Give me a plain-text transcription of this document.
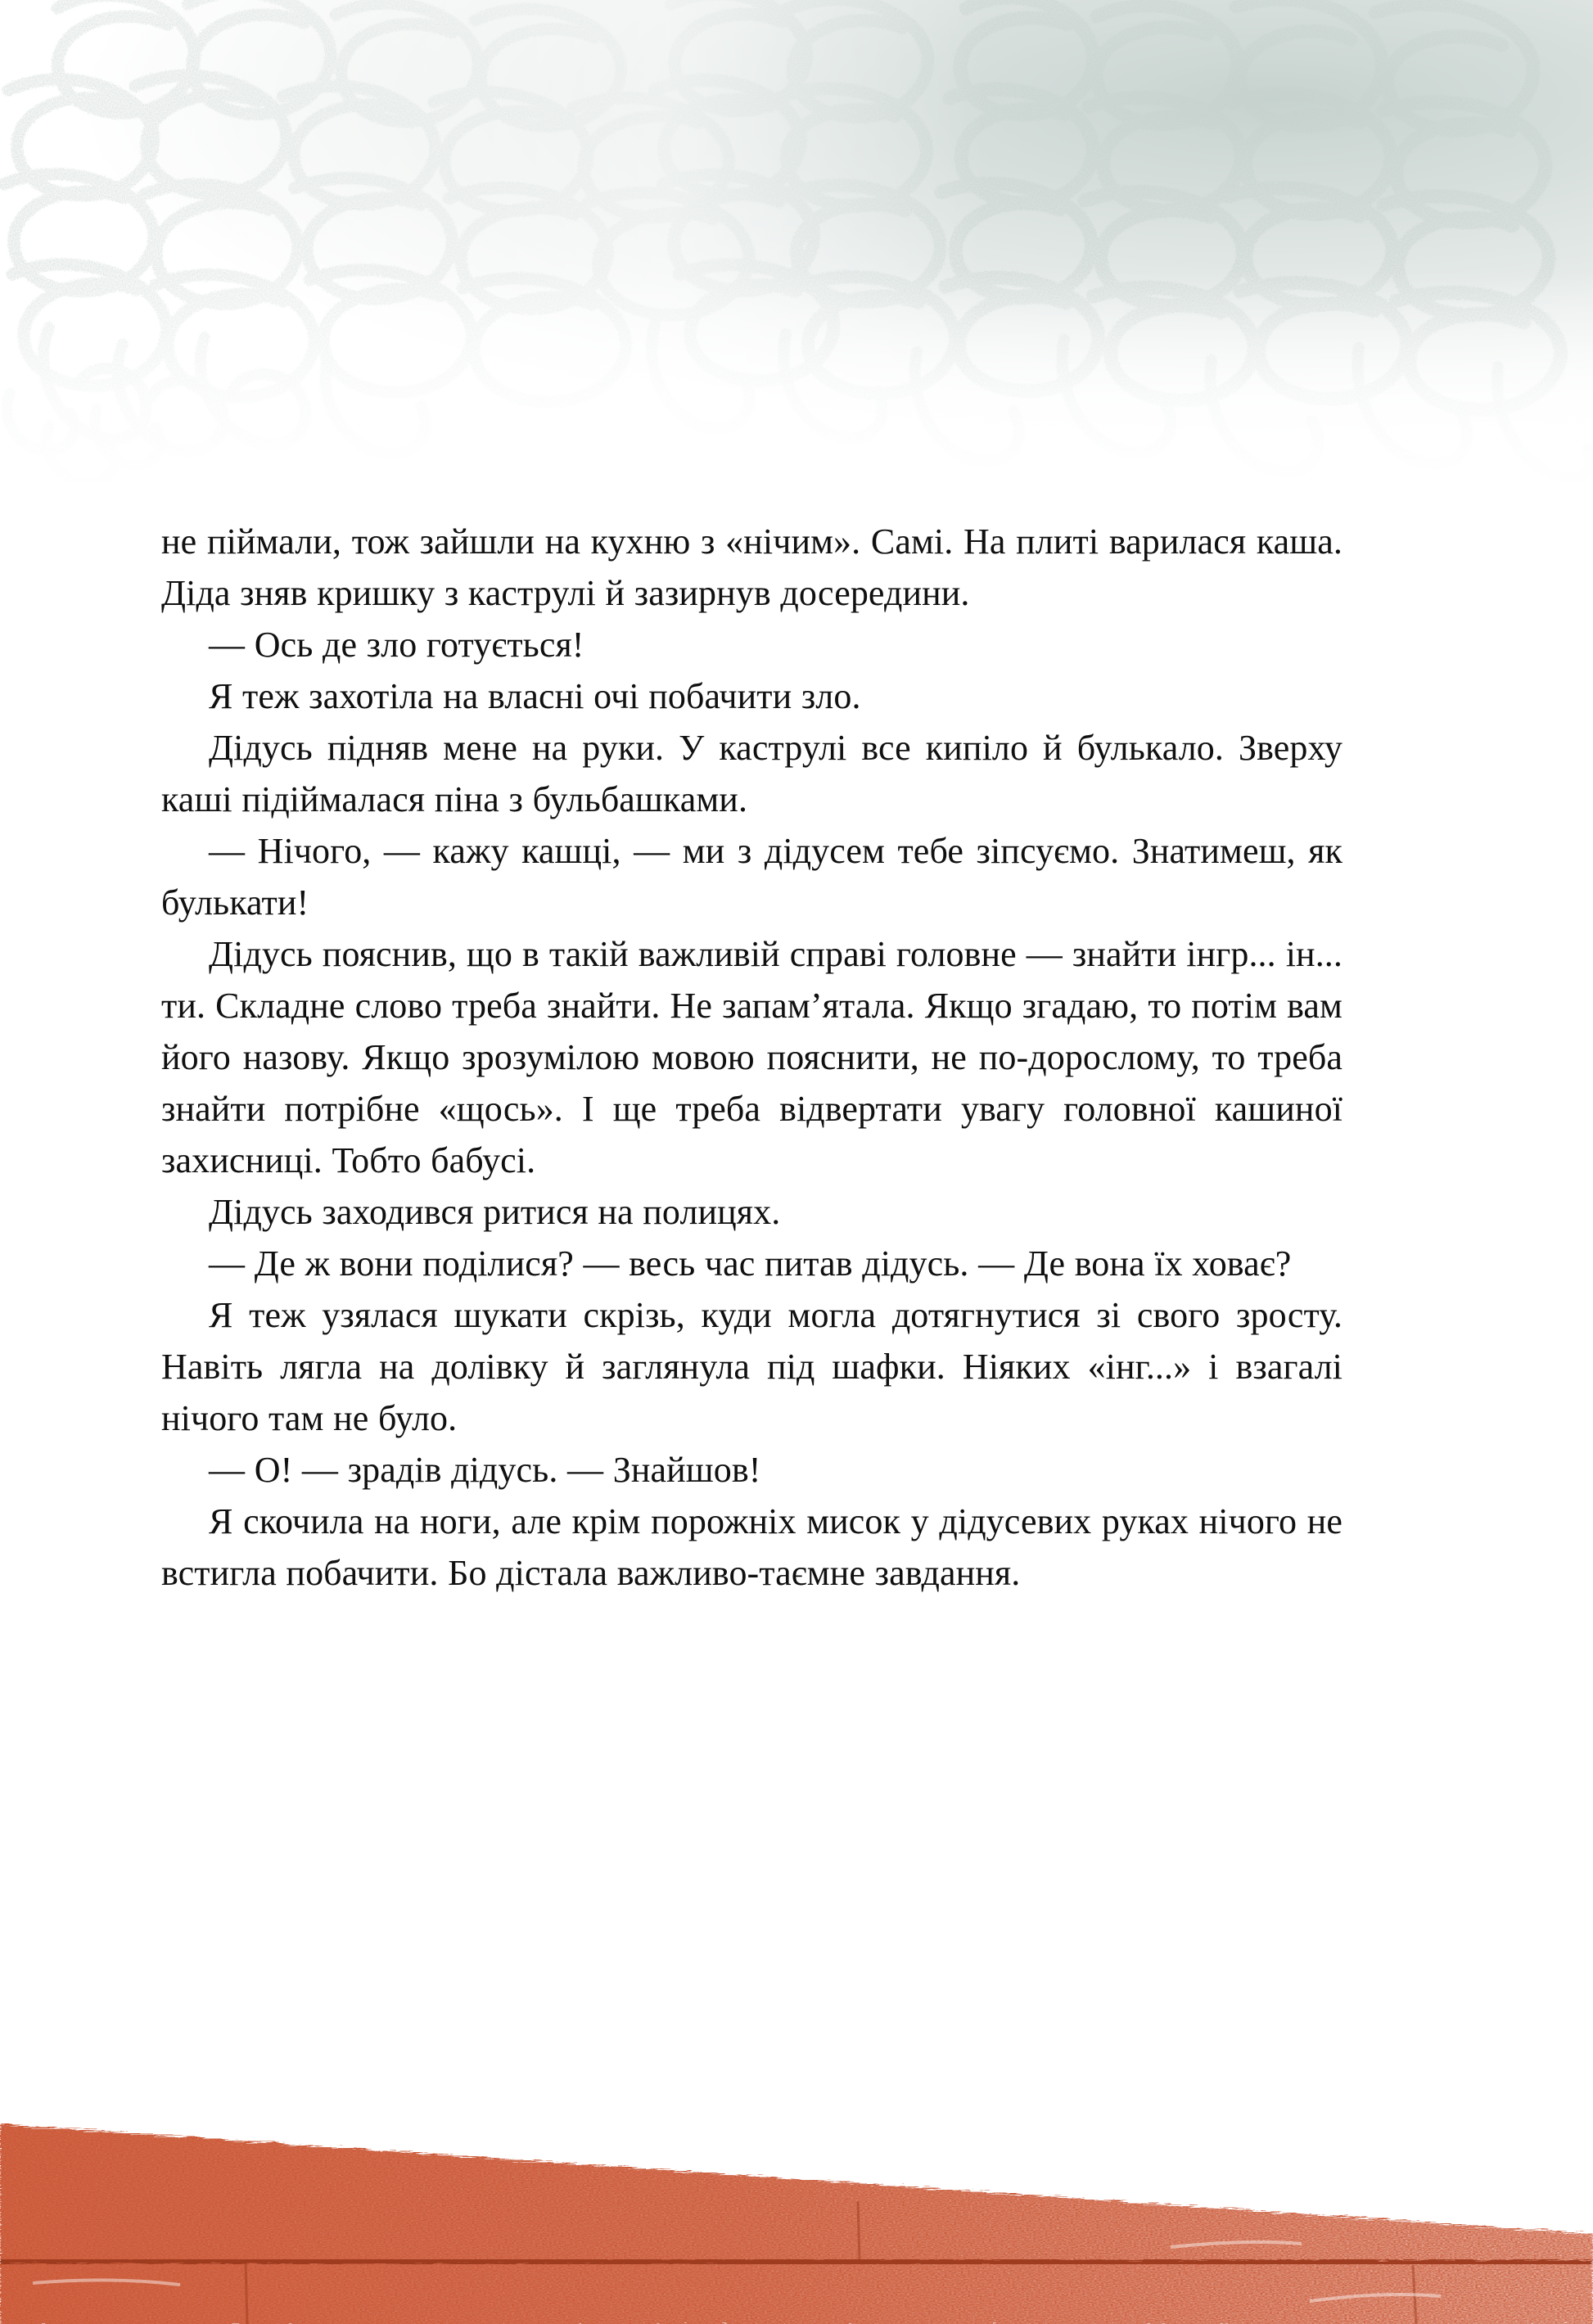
не піймали, тож зайшли на кухню з «нічим». Самі. На плиті варилася каша. Діда зняв кришку з каструлі й зазирнув досередини.

— Ось де зло готується!

Я теж захотіла на власні очі побачити зло.

Дідусь підняв мене на руки. У каструлі все кипіло й булькало. Зверху каші підіймалася піна з бульбашками.

— Нічого, — кажу кашці, — ми з дідусем тебе зіпсуємо. Знатимеш, як булькати!

Дідусь пояснив, що в такій важливій справі головне — знайти інгр... ін... ти. Складне слово треба знайти. Не запам’ятала. Якщо згадаю, то потім вам його назову. Якщо зрозумілою мовою пояснити, не по-дорослому, то треба знайти потрібне «щось». І ще треба відвертати увагу головної кашиної захисниці. Тобто бабусі.

Дідусь заходився ритися на полицях.

— Де ж вони поділися? — весь час питав дідусь. — Де вона їх ховає?

Я теж узялася шукати скрізь, куди могла дотягнутися зі свого зросту. Навіть лягла на долівку й заглянула під шафки. Ніяких «інг...» і взагалі нічого там не було.

— О! — зрадів дідусь. — Знайшов!

Я скочила на ноги, але крім порожніх мисок у дідусевих руках нічого не встигла побачити. Бо дістала важливо-таємне завдання.
